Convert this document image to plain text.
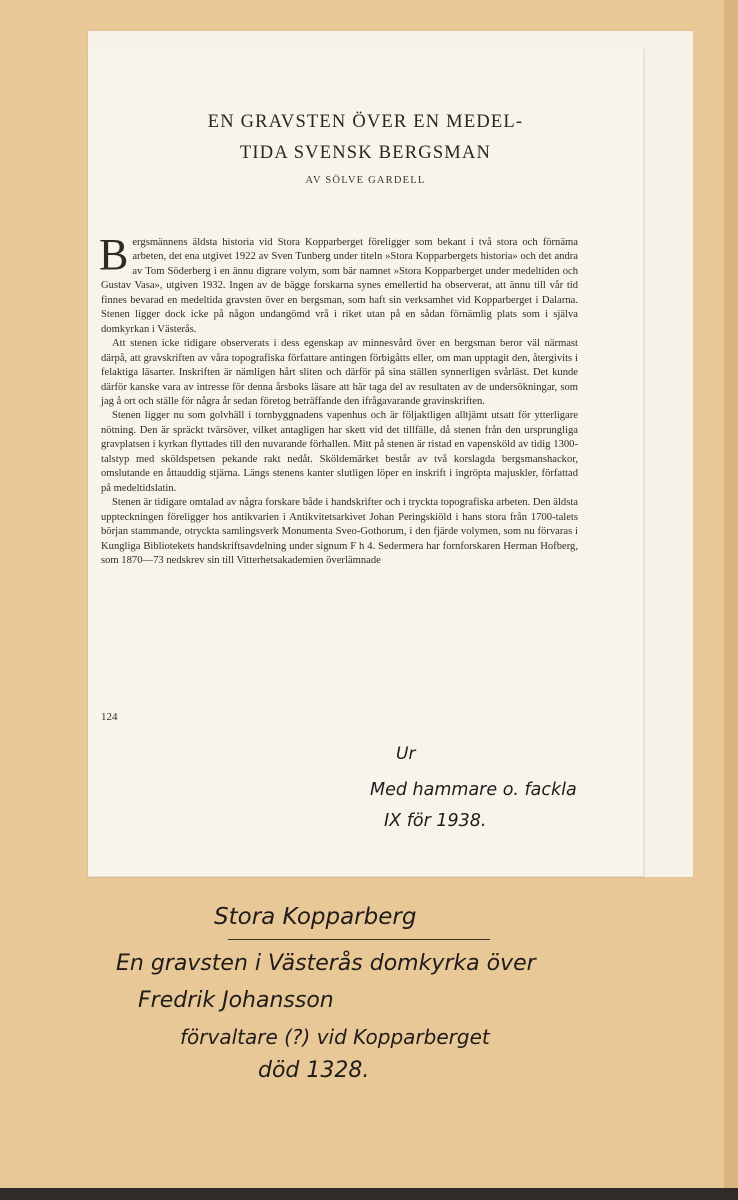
EN GRAVSTEN ÖVER EN MEDEL-
TIDA SVENSK BERGSMAN
AV SÖLVE GARDELL
124

Ur

Med hammare o. fackla

IX för 1938.

Bergsmännens äldsta historia vid Stora Kopparberget föreligger som bekant i två stora och förnäma arbeten, det ena utgivet 1922 av Sven Tunberg under titeln »Stora Kopparbergets historia» och det andra av Tom Söderberg i en ännu digrare volym, som bär namnet »Stora Kopparberget under medeltiden och Gustav Vasa», utgiven 1932. Ingen av de bägge forskarna synes emellertid ha observerat, att ännu till vår tid finnes bevarad en medeltida gravsten över en bergsman, som haft sin verksamhet vid Kopparberget i Dalarna. Stenen ligger dock icke på någon undangömd vrå i riket utan på en sådan förnämlig plats som i själva domkyrkan i Västerås.

Att stenen icke tidigare observerats i dess egenskap av minnesvård över en bergsman beror väl närmast därpå, att gravskriften av våra topografiska författare antingen förbigåtts eller, om man upptagit den, återgivits i felaktiga läsarter. Inskriften är nämligen hårt sliten och därför på sina ställen synnerligen svårläst. Det kunde därför kanske vara av intresse för denna årsboks läsare att här taga del av resultaten av de undersökningar, som jag å ort och ställe för några år sedan företog beträffande den ifrågavarande gravinskriften.

Stenen ligger nu som golvhäll i tornbyggnadens vapenhus och är följaktligen alltjämt utsatt för ytterligare nötning. Den är spräckt tvärsöver, vilket antagligen har skett vid det tillfälle, då stenen från den ursprungliga gravplatsen i kyrkan flyttades till den nuvarande förhallen. Mitt på stenen är ristad en vapensköld av tidig 1300-talstyp med sköldspetsen pekande rakt nedåt. Sköldemärket består av två korslagda bergsmanshackor, omslutande en åttauddig stjärna. Längs stenens kanter slutligen löper en inskrift i ingröpta majuskler, författad på medeltidslatin.

Stenen är tidigare omtalad av några forskare både i handskrifter och i tryckta topografiska arbeten. Den äldsta uppteckningen föreligger hos antikvarien i Antikvitetsarkivet Johan Peringskiöld i hans stora från 1700-talets början stammande, otryckta samlingsverk Monumenta Sveo-Gothorum, i den fjärde volymen, som nu förvaras i Kungliga Bibliotekets handskriftsavdelning under signum F h 4. Sedermera har fornforskaren Herman Hofberg, som 1870—73 nedskrev sin till Vitterhetsakademien överlämnade

Stora Kopparberg

En gravsten i Västerås domkyrka över

Fredrik Johansson

förvaltare (?) vid Kopparberget

död 1328.
